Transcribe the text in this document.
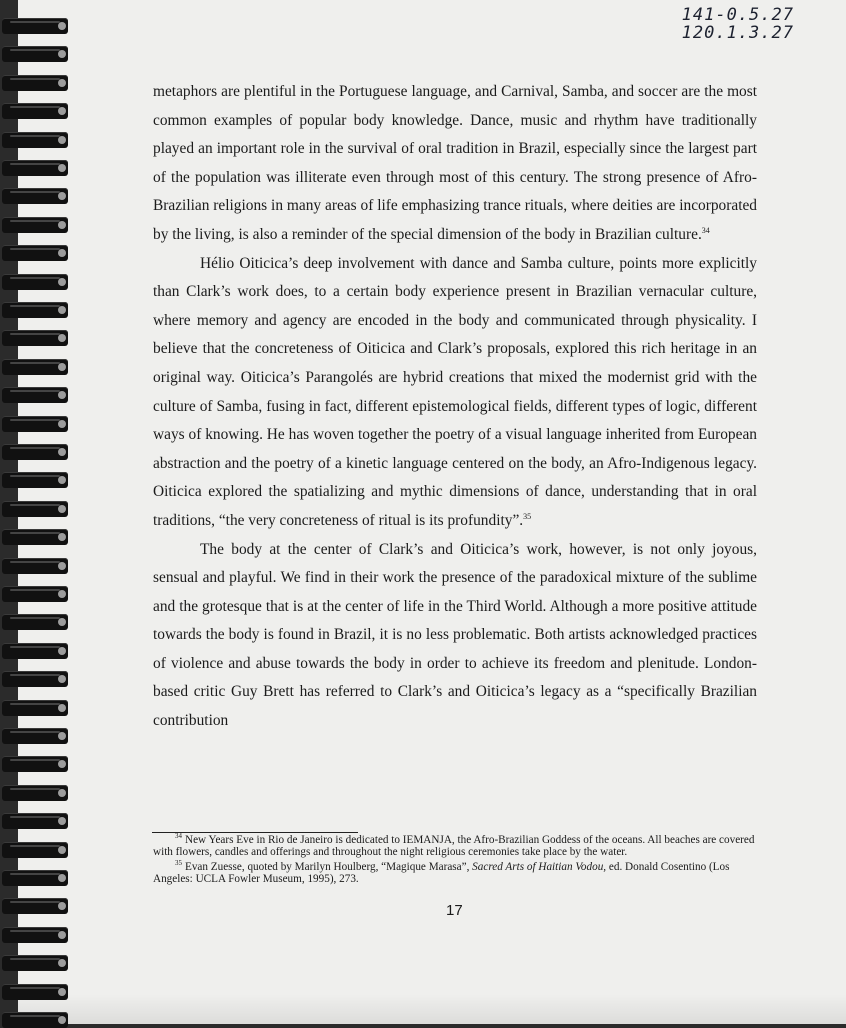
141-0.5.27
120.1.3.27

metaphors are plentiful in the Portuguese language, and Carnival, Samba, and soccer are the most common examples of popular body knowledge. Dance, music and rhythm have traditionally played an important role in the survival of oral tradition in Brazil, especially since the largest part of the population was illiterate even through most of this century. The strong presence of Afro-Brazilian religions in many areas of life emphasizing trance rituals, where deities are incorporated by the living, is also a reminder of the special dimension of the body in Brazilian culture.$^{34}$

Hélio Oiticica’s deep involvement with dance and Samba culture, points more explicitly than Clark’s work does, to a certain body experience present in Brazilian vernacular culture, where memory and agency are encoded in the body and communicated through physicality. I believe that the concreteness of Oiticica and Clark’s proposals, explored this rich heritage in an original way. Oiticica’s Parangolés are hybrid creations that mixed the modernist grid with the culture of Samba, fusing in fact, different epistemological fields, different types of logic, different ways of knowing. He has woven together the poetry of a visual language inherited from European abstraction and the poetry of a kinetic language centered on the body, an Afro-Indigenous legacy. Oiticica explored the spatializing and mythic dimensions of dance, understanding that in oral traditions, “the very concreteness of ritual is its profundity”.$^{35}$

The body at the center of Clark’s and Oiticica’s work, however, is not only joyous, sensual and playful. We find in their work the presence of the paradoxical mixture of the sublime and the grotesque that is at the center of life in the Third World. Although a more positive attitude towards the body is found in Brazil, it is no less problematic. Both artists acknowledged practices of violence and abuse towards the body in order to achieve its freedom and plenitude. London-based critic Guy Brett has referred to Clark’s and Oiticica’s legacy as a “specifically Brazilian contribution

$^{34}$ New Years Eve in Rio de Janeiro is dedicated to IEMANJA, the Afro-Brazilian Goddess of the oceans. All beaches are covered with flowers, candles and offerings and throughout the night religious ceremonies take place by the water.

$^{35}$ Evan Zuesse, quoted by Marilyn Houlberg, “Magique Marasa”, Sacred Arts of Haitian Vodou, ed. Donald Cosentino (Los Angeles: UCLA Fowler Museum, 1995), 273.

17
